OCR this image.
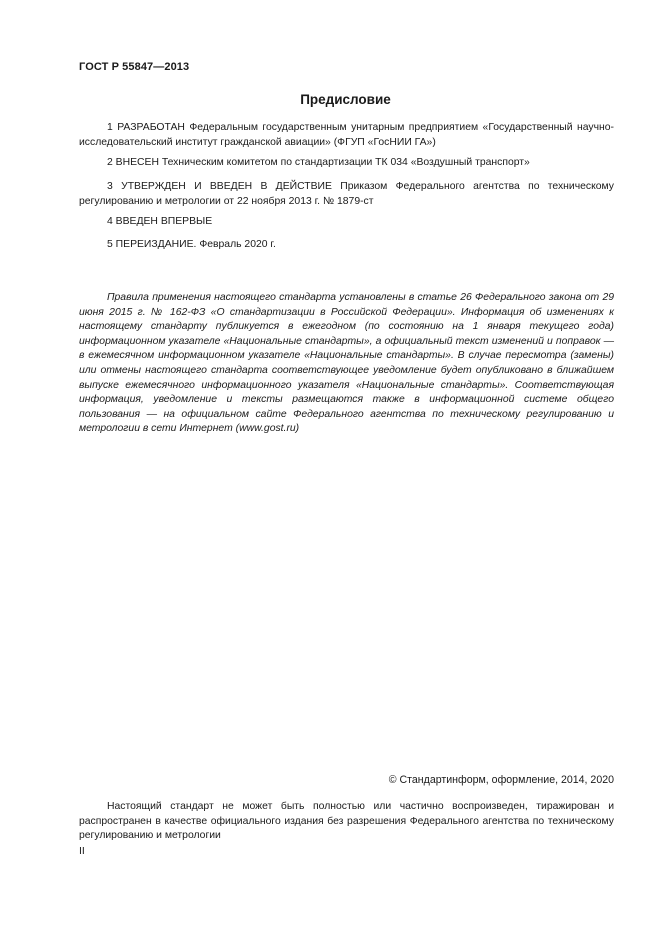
ГОСТ Р 55847—2013
Предисловие
1 РАЗРАБОТАН Федеральным государственным унитарным предприятием «Государственный научно-исследовательский институт гражданской авиации» (ФГУП «ГосНИИ ГА»)
2 ВНЕСЕН Техническим комитетом по стандартизации ТК 034 «Воздушный транспорт»
3 УТВЕРЖДЕН И ВВЕДЕН В ДЕЙСТВИЕ Приказом Федерального агентства по техническому регулированию и метрологии от 22 ноября 2013 г. № 1879-ст
4 ВВЕДЕН ВПЕРВЫЕ
5 ПЕРЕИЗДАНИЕ. Февраль 2020 г.
Правила применения настоящего стандарта установлены в статье 26 Федерального закона от 29 июня 2015 г. № 162-ФЗ «О стандартизации в Российской Федерации». Информация об изменениях к настоящему стандарту публикуется в ежегодном (по состоянию на 1 января текущего года) информационном указателе «Национальные стандарты», а официальный текст изменений и поправок — в ежемесячном информационном указателе «Национальные стандарты». В случае пересмотра (замены) или отмены настоящего стандарта соответствующее уведомление будет опубликовано в ближайшем выпуске ежемесячного информационного указателя «Национальные стандарты». Соответствующая информация, уведомление и тексты размещаются также в информационной системе общего пользования — на официальном сайте Федерального агентства по техническому регулированию и метрологии в сети Интернет (www.gost.ru)
© Стандартинформ, оформление, 2014, 2020
Настоящий стандарт не может быть полностью или частично воспроизведен, тиражирован и распространен в качестве официального издания без разрешения Федерального агентства по техническому регулированию и метрологии
II
